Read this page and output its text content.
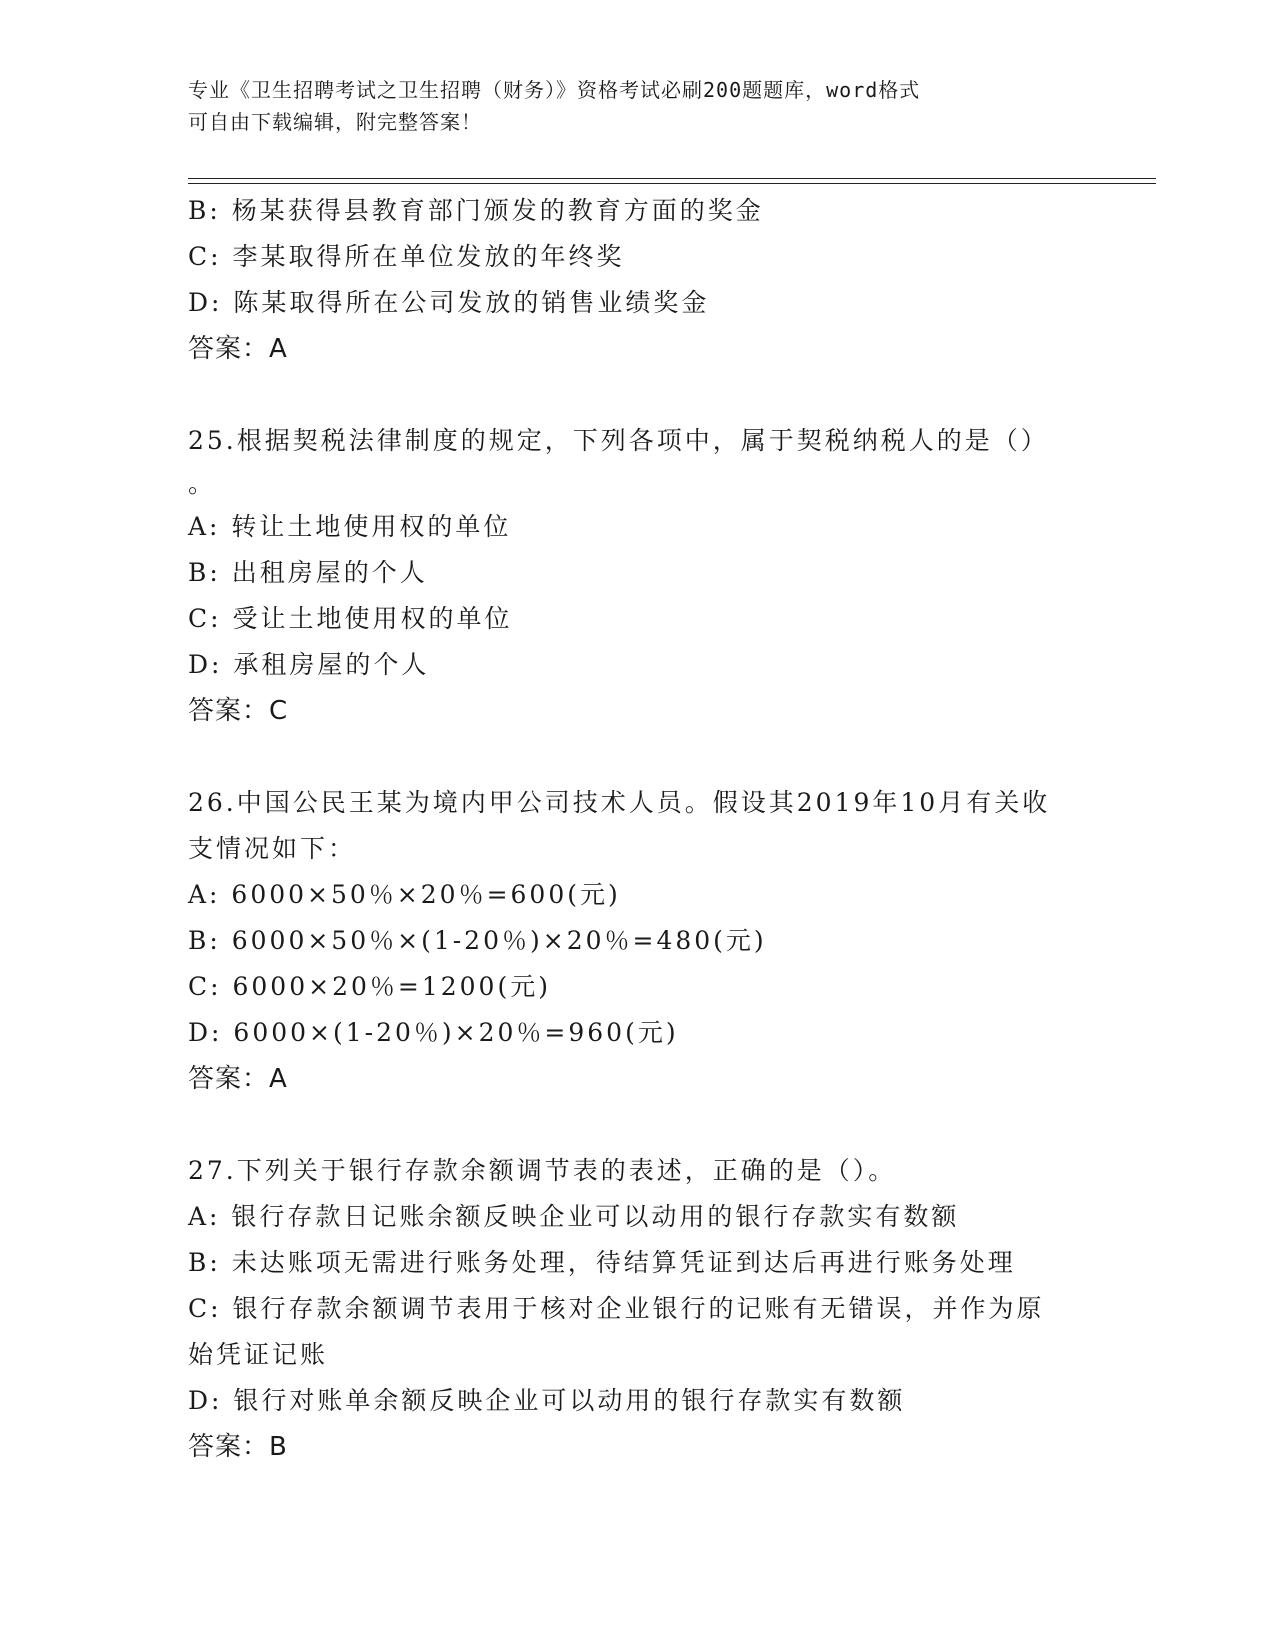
专业《卫生招聘考试之卫生招聘（财务）》资格考试必刷200题题库，word格式
可自由下载编辑，附完整答案！
B: 杨某获得县教育部门颁发的教育方面的奖金
C: 李某取得所在单位发放的年终奖
D: 陈某取得所在公司发放的销售业绩奖金
答案：A
25.根据契税法律制度的规定，下列各项中，属于契税纳税人的是（）
。
A: 转让土地使用权的单位
B: 出租房屋的个人
C: 受让土地使用权的单位
D: 承租房屋的个人
答案：C
26.中国公民王某为境内甲公司技术人员。假设其2019年10月有关收
支情况如下：
A: 6000×50％×20％=600(元)
B: 6000×50％×(1-20％)×20％=480(元)
C: 6000×20％=1200(元)
D: 6000×(1-20％)×20％=960(元)
答案：A
27.下列关于银行存款余额调节表的表述，正确的是（）。
A: 银行存款日记账余额反映企业可以动用的银行存款实有数额
B: 未达账项无需进行账务处理，待结算凭证到达后再进行账务处理
C: 银行存款余额调节表用于核对企业银行的记账有无错误，并作为原
始凭证记账
D: 银行对账单余额反映企业可以动用的银行存款实有数额
答案：B
